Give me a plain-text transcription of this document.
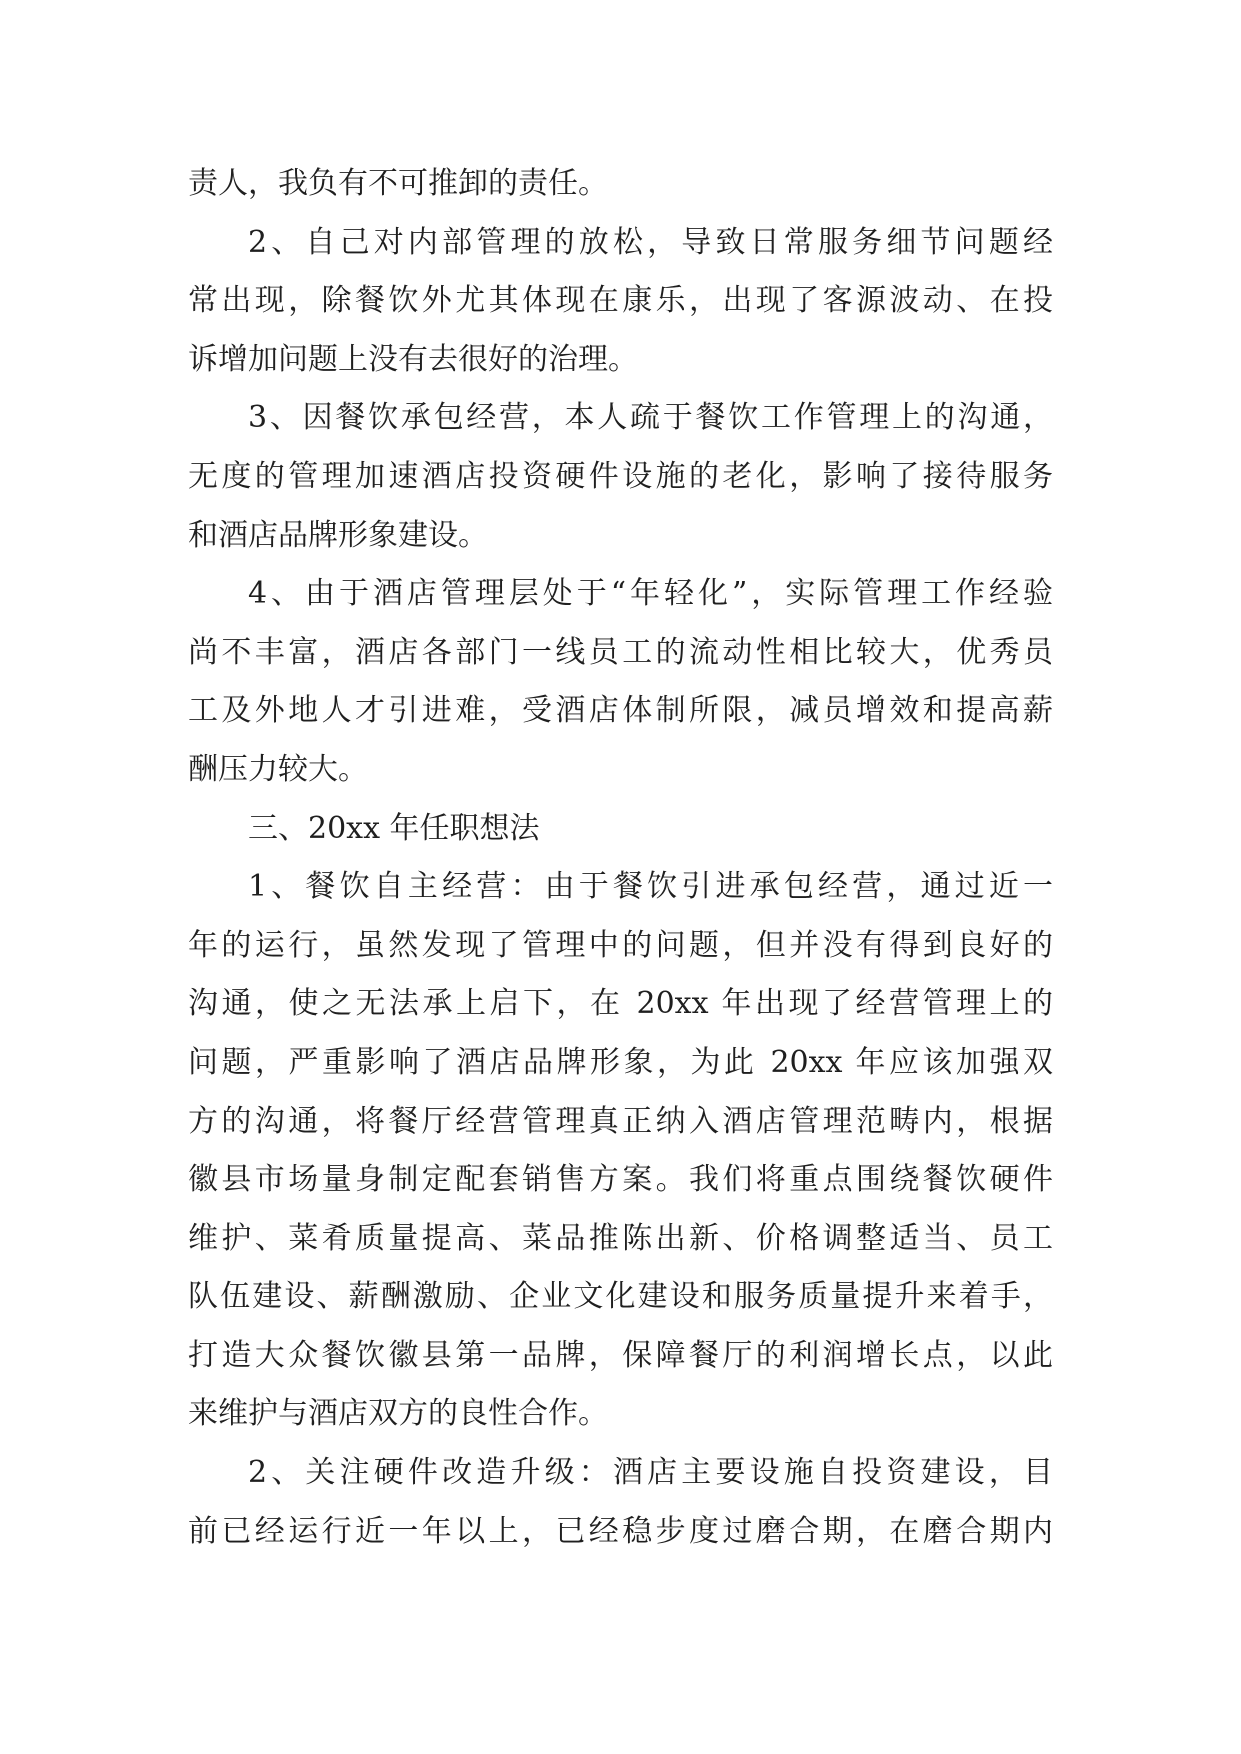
责人，我负有不可推卸的责任。
2、自己对内部管理的放松，导致日常服务细节问题经
常出现，除餐饮外尤其体现在康乐，出现了客源波动、在投
诉增加问题上没有去很好的治理。
3、因餐饮承包经营，本人疏于餐饮工作管理上的沟通，
无度的管理加速酒店投资硬件设施的老化，影响了接待服务
和酒店品牌形象建设。
4、由于酒店管理层处于“年轻化”，实际管理工作经验
尚不丰富，酒店各部门一线员工的流动性相比较大，优秀员
工及外地人才引进难，受酒店体制所限，减员增效和提高薪
酬压力较大。
三、20xx 年任职想法
1、餐饮自主经营：由于餐饮引进承包经营，通过近一
年的运行，虽然发现了管理中的问题，但并没有得到良好的
沟通，使之无法承上启下，在 20xx 年出现了经营管理上的
问题，严重影响了酒店品牌形象，为此 20xx 年应该加强双
方的沟通，将餐厅经营管理真正纳入酒店管理范畴内，根据
徽县市场量身制定配套销售方案。我们将重点围绕餐饮硬件
维护、菜肴质量提高、菜品推陈出新、价格调整适当、员工
队伍建设、薪酬激励、企业文化建设和服务质量提升来着手，
打造大众餐饮徽县第一品牌，保障餐厅的利润增长点，以此
来维护与酒店双方的良性合作。
2、关注硬件改造升级：酒店主要设施自投资建设，目
前已经运行近一年以上，已经稳步度过磨合期，在磨合期内
